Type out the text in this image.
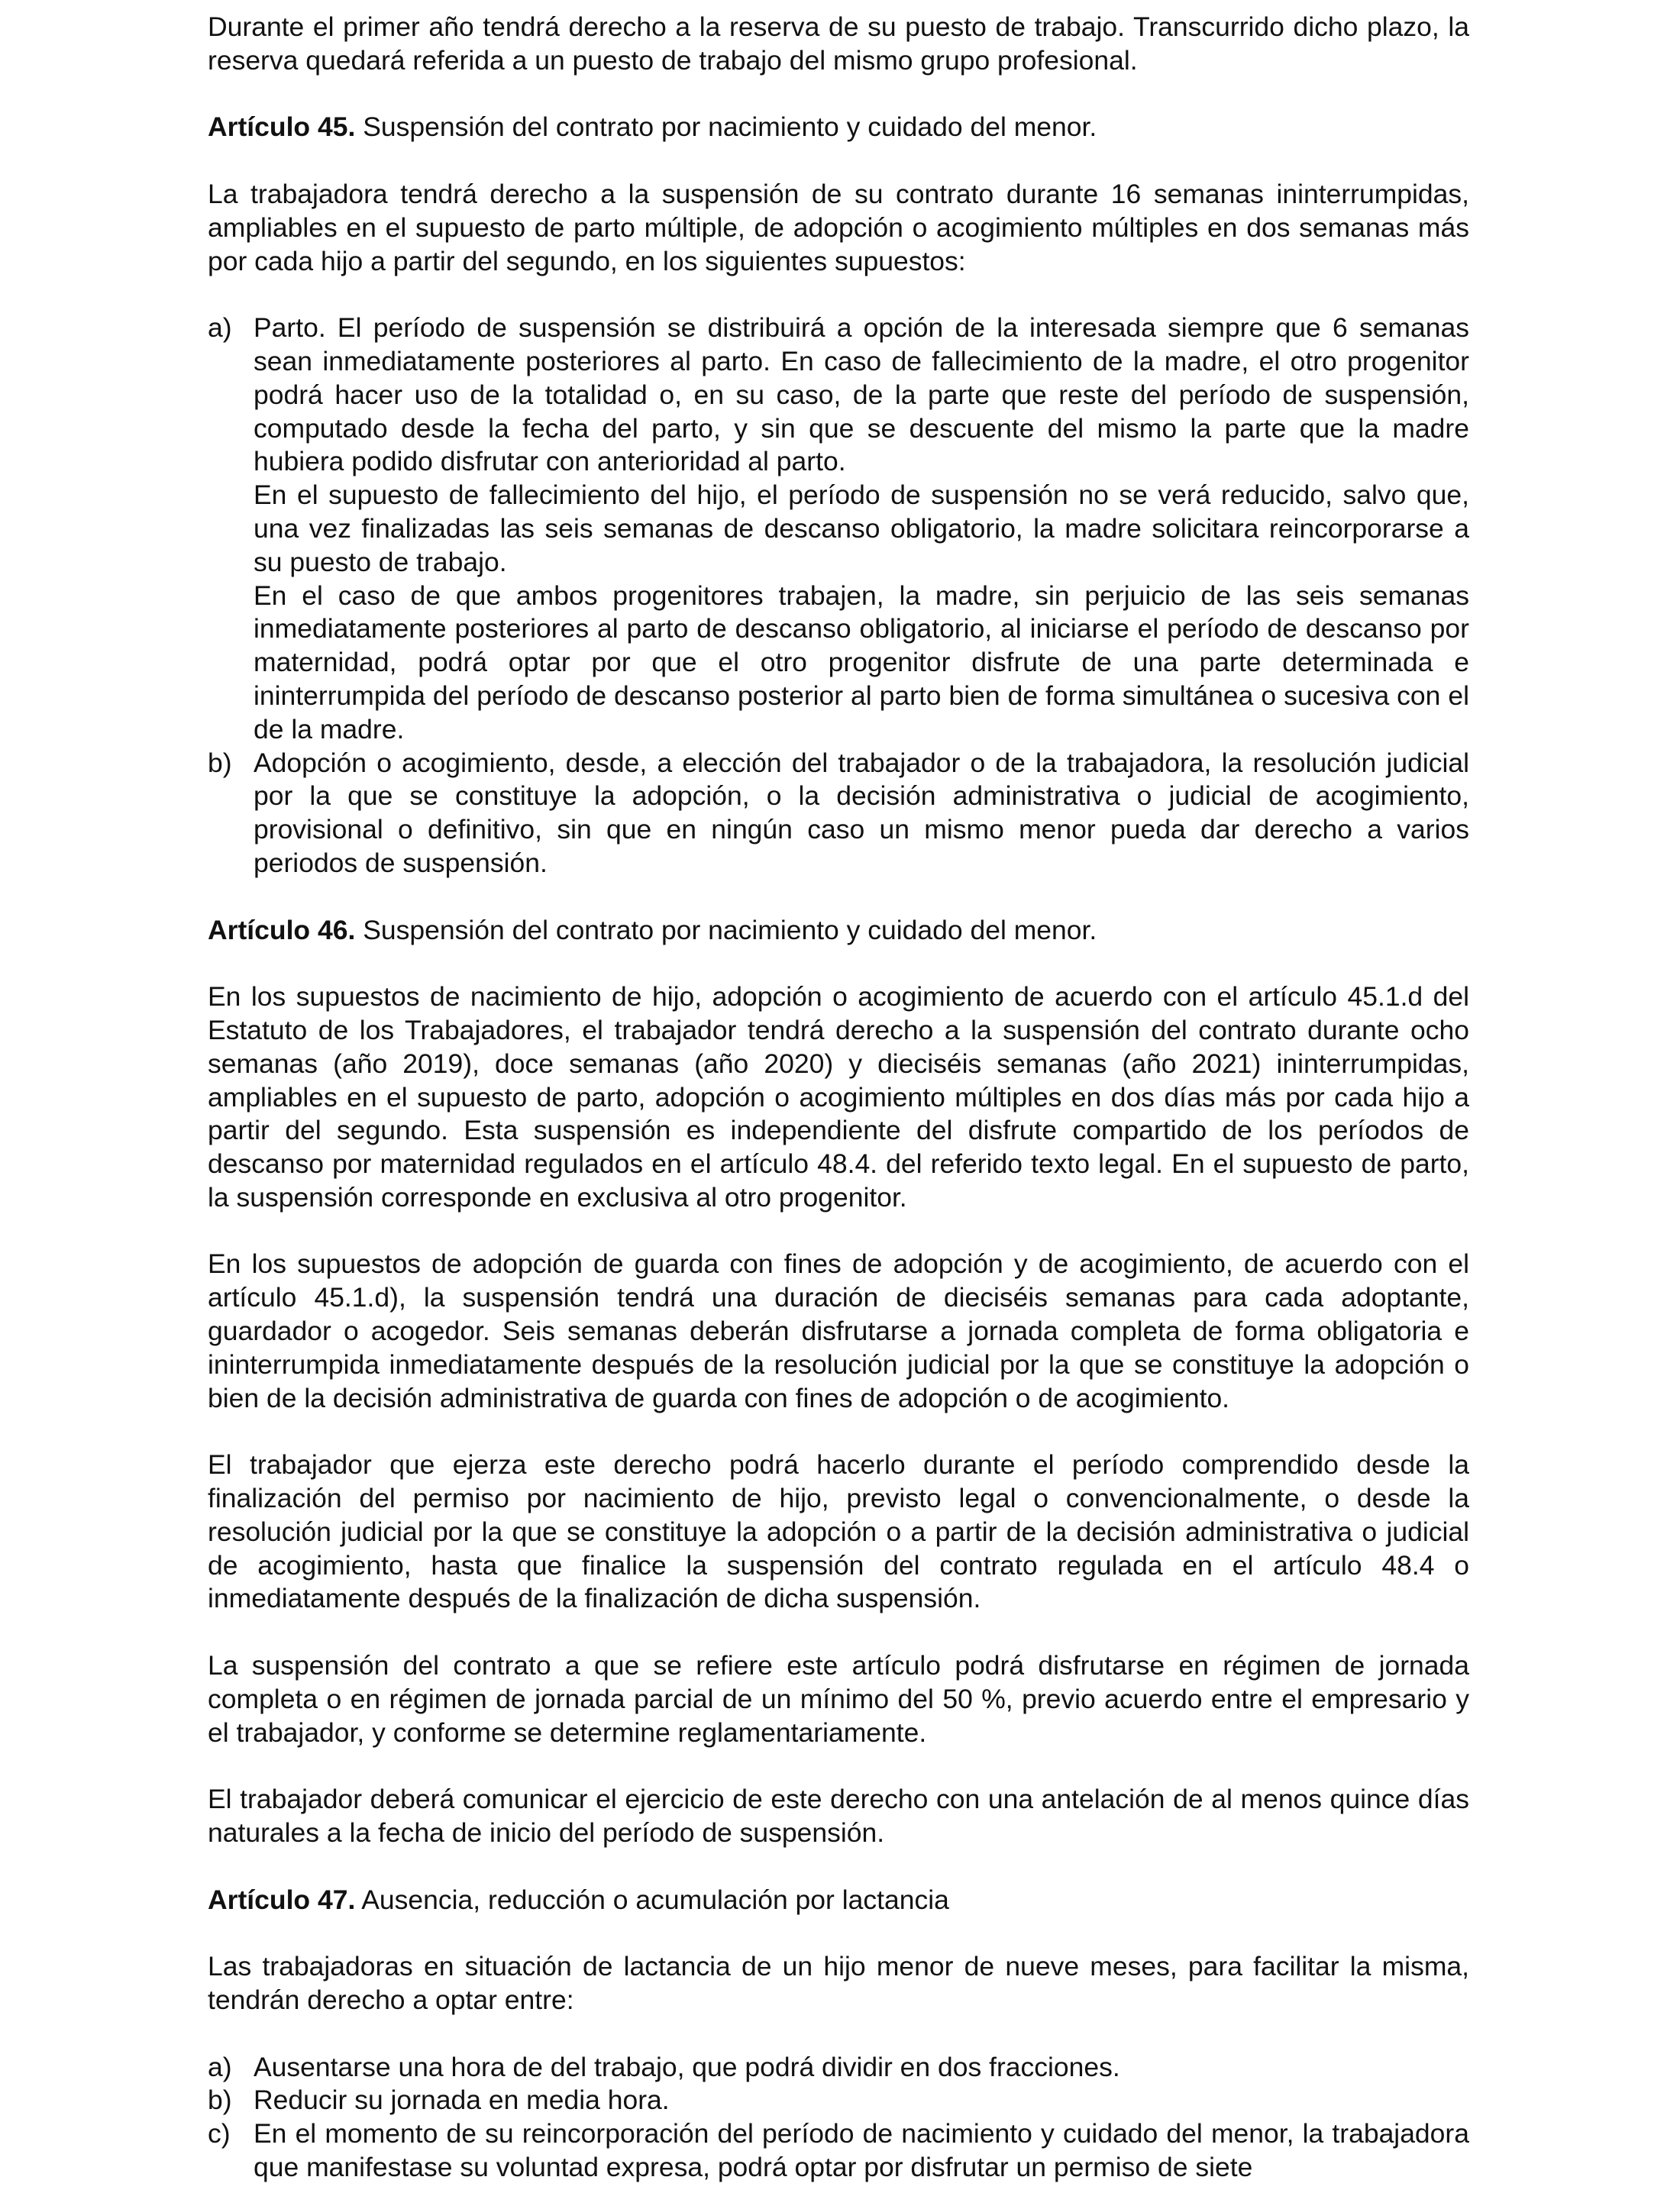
Durante el primer año tendrá derecho a la reserva de su puesto de trabajo. Transcurrido dicho plazo, la reserva quedará referida a un puesto de trabajo del mismo grupo profesional.

Artículo 45. Suspensión del contrato por nacimiento y cuidado del menor.

La trabajadora tendrá derecho a la suspensión de su contrato durante 16 semanas ininterrumpidas, ampliables en el supuesto de parto múltiple, de adopción o acogimiento múltiples en dos semanas más por cada hijo a partir del segundo, en los siguientes supuestos:

a) Parto. El período de suspensión se distribuirá a opción de la interesada siempre que 6 semanas sean inmediatamente posteriores al parto. En caso de fallecimiento de la madre, el otro progenitor podrá hacer uso de la totalidad o, en su caso, de la parte que reste del período de suspensión, computado desde la fecha del parto, y sin que se descuente del mismo la parte que la madre hubiera podido disfrutar con anterioridad al parto.

En el supuesto de fallecimiento del hijo, el período de suspensión no se verá reducido, salvo que, una vez finalizadas las seis semanas de descanso obligatorio, la madre solicitara reincorporarse a su puesto de trabajo.

En el caso de que ambos progenitores trabajen, la madre, sin perjuicio de las seis semanas inmediatamente posteriores al parto de descanso obligatorio, al iniciarse el período de descanso por maternidad, podrá optar por que el otro progenitor disfrute de una parte determinada e ininterrumpida del período de descanso posterior al parto bien de forma simultánea o sucesiva con el de la madre.

b) Adopción o acogimiento, desde, a elección del trabajador o de la trabajadora, la resolución judicial por la que se constituye la adopción, o la decisión administrativa o judicial de acogimiento, provisional o definitivo, sin que en ningún caso un mismo menor pueda dar derecho a varios periodos de suspensión.

Artículo 46. Suspensión del contrato por nacimiento y cuidado del menor.

En los supuestos de nacimiento de hijo, adopción o acogimiento de acuerdo con el artículo 45.1.d del Estatuto de los Trabajadores, el trabajador tendrá derecho a la suspensión del contrato durante ocho semanas (año 2019), doce semanas (año 2020) y dieciséis semanas (año 2021) ininterrumpidas, ampliables en el supuesto de parto, adopción o acogimiento múltiples en dos días más por cada hijo a partir del segundo. Esta suspensión es independiente del disfrute compartido de los períodos de descanso por maternidad regulados en el artículo 48.4. del referido texto legal. En el supuesto de parto, la suspensión corresponde en exclusiva al otro progenitor.

En los supuestos de adopción de guarda con fines de adopción y de acogimiento, de acuerdo con el artículo 45.1.d), la suspensión tendrá una duración de dieciséis semanas para cada adoptante, guardador o acogedor. Seis semanas deberán disfrutarse a jornada completa de forma obligatoria e ininterrumpida inmediatamente después de la resolución judicial por la que se constituye la adopción o bien de la decisión administrativa de guarda con fines de adopción o de acogimiento.

El trabajador que ejerza este derecho podrá hacerlo durante el período comprendido desde la finalización del permiso por nacimiento de hijo, previsto legal o convencionalmente, o desde la resolución judicial por la que se constituye la adopción o a partir de la decisión administrativa o judicial de acogimiento, hasta que finalice la suspensión del contrato regulada en el artículo 48.4 o inmediatamente después de la finalización de dicha suspensión.

La suspensión del contrato a que se refiere este artículo podrá disfrutarse en régimen de jornada completa o en régimen de jornada parcial de un mínimo del 50 %, previo acuerdo entre el empresario y el trabajador, y conforme se determine reglamentariamente.

El trabajador deberá comunicar el ejercicio de este derecho con una antelación de al menos quince días naturales a la fecha de inicio del período de suspensión.

Artículo 47. Ausencia, reducción o acumulación por lactancia

Las trabajadoras en situación de lactancia de un hijo menor de nueve meses, para facilitar la misma, tendrán derecho a optar entre:

a) Ausentarse una hora de del trabajo, que podrá dividir en dos fracciones.

b) Reducir su jornada en media hora.

c) En el momento de su reincorporación del período de nacimiento y cuidado del menor, la trabajadora que manifestase su voluntad expresa, podrá optar por disfrutar un permiso de siete
